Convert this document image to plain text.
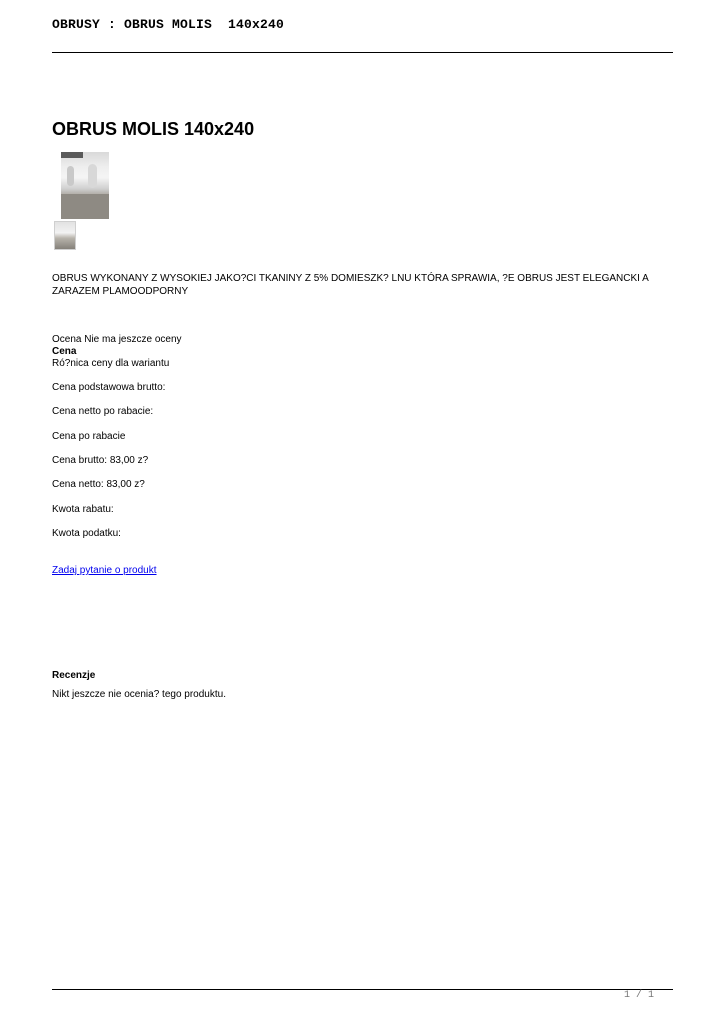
OBRUSY : OBRUS MOLIS  140x240
OBRUS MOLIS 140x240

OBRUS WYKONANY Z WYSOKIEJ JAKO?CI TKANINY Z 5% DOMIESZK? LNU KTÓRA SPRAWIA, ?E OBRUS JEST ELEGANCKI A ZARAZEM PLAMOODPORNY

Ocena Nie ma jeszcze oceny
Cena
Ró?nica ceny dla wariantu
Cena podstawowa brutto:
Cena netto po rabacie:
Cena po rabacie
Cena brutto: 83,00 z?
Cena netto: 83,00 z?
Kwota rabatu:
Kwota podatku:
Zadaj pytanie o produkt
Recenzje
Nikt jeszcze nie ocenia? tego produktu.
1 / 1
